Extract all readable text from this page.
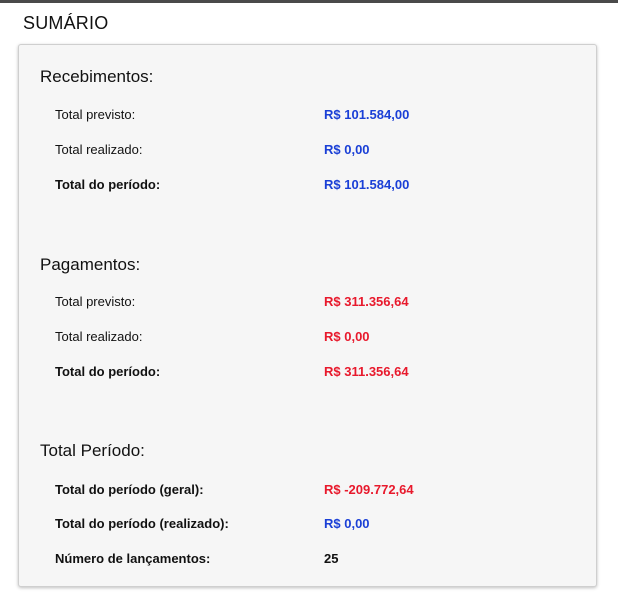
SUMÁRIO
Recebimentos:
Total previsto:	R$ 101.584,00
Total realizado:	R$ 0,00
Total do período:	R$ 101.584,00
Pagamentos:
Total previsto:	R$ 311.356,64
Total realizado:	R$ 0,00
Total do período:	R$ 311.356,64
Total Período:
Total do período (geral):	R$ -209.772,64
Total do período (realizado):	R$ 0,00
Número de lançamentos:	25
